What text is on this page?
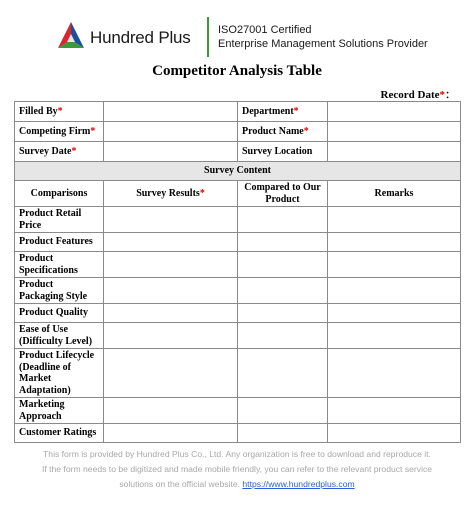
Hundred Plus ISO27001 Certified
Enterprise Management Solutions Provider
Competitor Analysis Table
Record Date*：
Filled By*		Department*	
Competing Firm*		Product Name*	
Survey Date*		Survey Location	
Survey Content			
Comparisons	Survey Results*	Compared to Our Product	Remarks
Product Retail Price			
Product Features			
Product Specifications			
Product Packaging Style			
Product Quality			
Ease of Use (Difficulty Level)			
Product Lifecycle (Deadline of Market Adaptation)			
Marketing Approach			
Customer Ratings			
This form is provided by Hundred Plus Co., Ltd. Any organization is free to download and reproduce it.
If the form needs to be digitized and made mobile friendly, you can refer to the relevant product service
solutions on the official website. https://www.hundredplus.com
